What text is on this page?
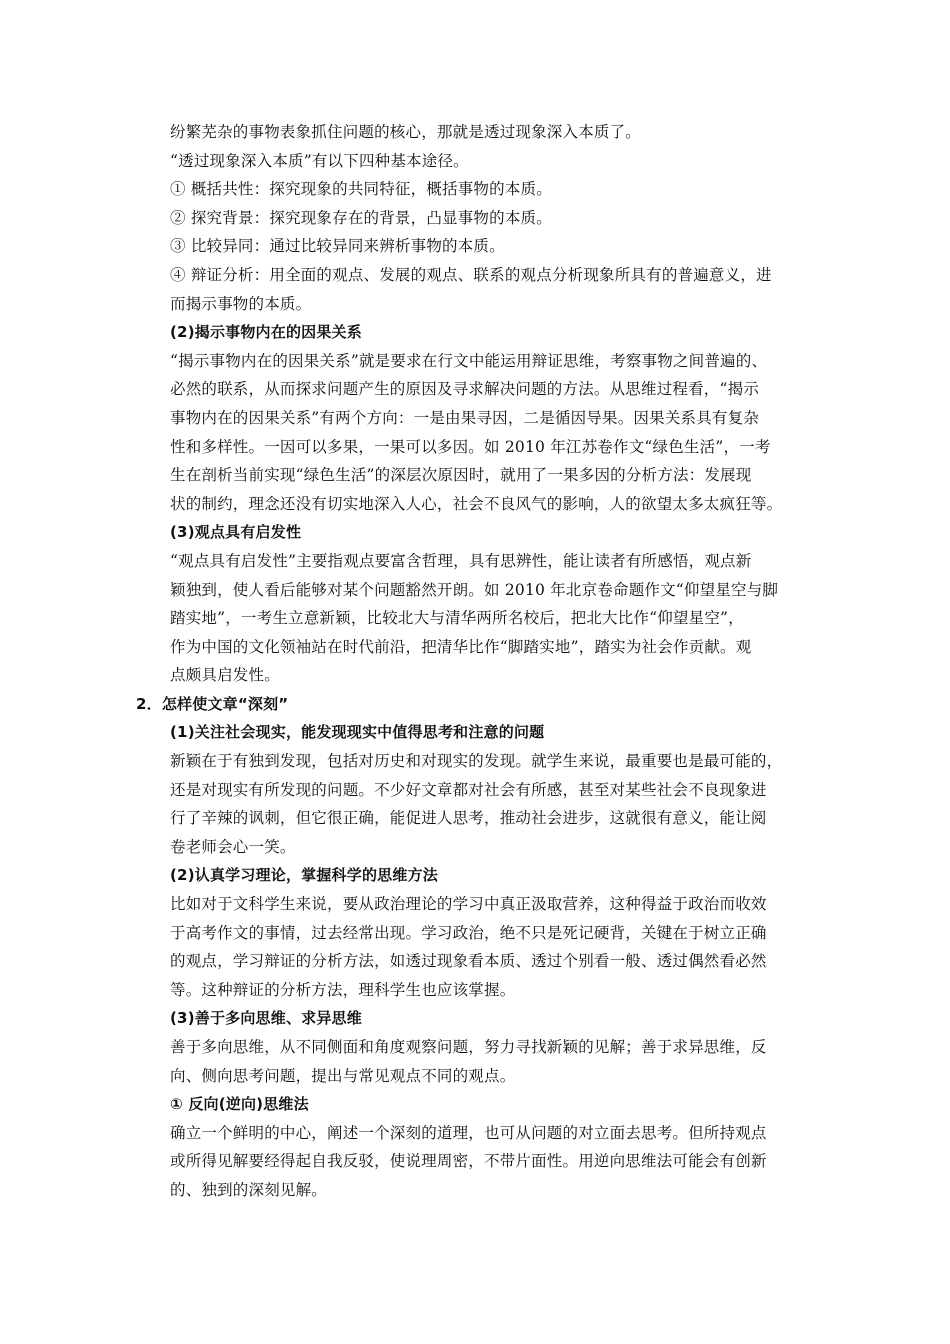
纷繁芜杂的事物表象抓住问题的核心，那就是透过现象深入本质了。
“透过现象深入本质”有以下四种基本途径。
① 概括共性：探究现象的共同特征，概括事物的本质。
② 探究背景：探究现象存在的背景，凸显事物的本质。
③ 比较异同：通过比较异同来辨析事物的本质。
④ 辩证分析：用全面的观点、发展的观点、联系的观点分析现象所具有的普遍意义，进
而揭示事物的本质。
(2)揭示事物内在的因果关系
“揭示事物内在的因果关系”就是要求在行文中能运用辩证思维，考察事物之间普遍的、
必然的联系，从而探求问题产生的原因及寻求解决问题的方法。从思维过程看，“揭示
事物内在的因果关系”有两个方向：一是由果寻因，二是循因导果。因果关系具有复杂
性和多样性。一因可以多果，一果可以多因。如 2010 年江苏卷作文“绿色生活”，一考
生在剖析当前实现“绿色生活”的深层次原因时，就用了一果多因的分析方法：发展现
状的制约，理念还没有切实地深入人心，社会不良风气的影响，人的欲望太多太疯狂等。
(3)观点具有启发性
“观点具有启发性”主要指观点要富含哲理，具有思辨性，能让读者有所感悟，观点新
颖独到，使人看后能够对某个问题豁然开朗。如 2010 年北京卷命题作文“仰望星空与脚
踏实地”，一考生立意新颖，比较北大与清华两所名校后，把北大比作“仰望星空”，
作为中国的文化领袖站在时代前沿，把清华比作“脚踏实地”，踏实为社会作贡献。观
点颇具启发性。
2．怎样使文章“深刻”
(1)关注社会现实，能发现现实中值得思考和注意的问题
新颖在于有独到发现，包括对历史和对现实的发现。就学生来说，最重要也是最可能的，
还是对现实有所发现的问题。不少好文章都对社会有所感，甚至对某些社会不良现象进
行了辛辣的讽刺，但它很正确，能促进人思考，推动社会进步，这就很有意义，能让阅
卷老师会心一笑。
(2)认真学习理论，掌握科学的思维方法
比如对于文科学生来说，要从政治理论的学习中真正汲取营养，这种得益于政治而收效
于高考作文的事情，过去经常出现。学习政治，绝不只是死记硬背，关键在于树立正确
的观点，学习辩证的分析方法，如透过现象看本质、透过个别看一般、透过偶然看必然
等。这种辩证的分析方法，理科学生也应该掌握。
(3)善于多向思维、求异思维
善于多向思维，从不同侧面和角度观察问题，努力寻找新颖的见解；善于求异思维，反
向、侧向思考问题，提出与常见观点不同的观点。
① 反向(逆向)思维法
确立一个鲜明的中心，阐述一个深刻的道理，也可从问题的对立面去思考。但所持观点
或所得见解要经得起自我反驳，使说理周密，不带片面性。用逆向思维法可能会有创新
的、独到的深刻见解。
